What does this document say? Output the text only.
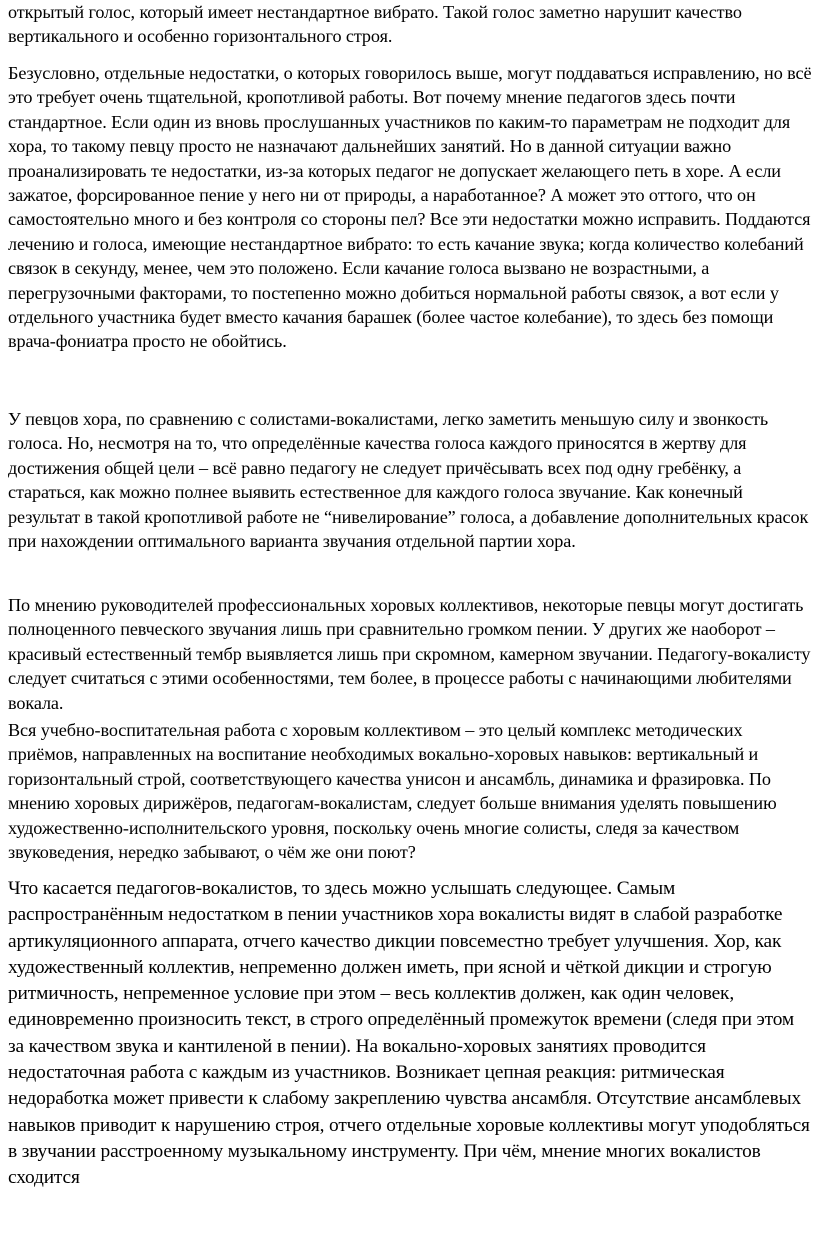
открытый голос, который имеет нестандартное вибрато. Такой голос заметно нарушит качество вертикального и особенно горизонтального строя.

Безусловно, отдельные недостатки, о которых говорилось выше, могут поддаваться исправлению, но всё это требует очень тщательной, кропотливой работы. Вот почему мнение педагогов здесь почти стандартное. Если один из вновь прослушанных участников по каким-то параметрам не подходит для хора, то такому певцу просто не назначают дальнейших занятий. Но в данной ситуации важно проанализировать те недостатки, из-за которых педагог не допускает желающего петь в хоре. А если зажатое, форсированное пение у него ни от природы, а наработанное? А может это оттого, что он самостоятельно много и без контроля со стороны пел? Все эти недостатки можно исправить. Поддаются лечению и голоса, имеющие нестандартное вибрато: то есть качание звука; когда количество колебаний связок в секунду, менее, чем это положено. Если качание голоса вызвано не возрастными, а перегрузочными факторами, то постепенно можно добиться нормальной работы связок, а вот если у отдельного участника будет вместо качания барашек (более частое колебание), то здесь без помощи врача-фониатра просто не обойтись.

У певцов хора, по сравнению с солистами-вокалистами, легко заметить меньшую силу и звонкость голоса. Но, несмотря на то, что определённые качества голоса каждого приносятся в жертву для достижения общей цели – всё равно педагогу не следует причёсывать всех под одну гребёнку, а стараться, как можно полнее выявить естественное для каждого голоса звучание. Как конечный результат в такой кропотливой работе не “нивелирование” голоса, а добавление дополнительных красок при нахождении оптимального варианта звучания отдельной партии хора.

По мнению руководителей профессиональных хоровых коллективов, некоторые певцы могут достигать полноценного певческого звучания лишь при сравнительно громком пении. У других же наоборот – красивый естественный тембр выявляется лишь при скромном, камерном звучании. Педагогу-вокалисту следует считаться с этими особенностями, тем более, в процессе работы с начинающими любителями вокала.

Вся учебно-воспитательная работа с хоровым коллективом – это целый комплекс методических приёмов, направленных на воспитание необходимых вокально-хоровых навыков: вертикальный и горизонтальный строй, соответствующего качества унисон и ансамбль, динамика и фразировка. По мнению хоровых дирижёров, педагогам-вокалистам, следует больше внимания уделять повышению художественно-исполнительского уровня, поскольку очень многие солисты, следя за качеством звуковедения, нередко забывают, о чём же они поют?

Что касается педагогов-вокалистов, то здесь можно услышать следующее. Самым распространённым недостатком в пении участников хора вокалисты видят в слабой разработке артикуляционного аппарата, отчего качество дикции повсеместно требует улучшения. Хор, как художественный коллектив, непременно должен иметь, при ясной и чёткой дикции и строгую ритмичность, непременное условие при этом – весь коллектив должен, как один человек, единовременно произносить текст, в строго определённый промежуток времени (следя при этом за качеством звука и кантиленой в пении). На вокально-хоровых занятиях проводится недостаточная работа с каждым из участников. Возникает цепная реакция: ритмическая недоработка может привести к слабому закреплению чувства ансамбля. Отсутствие ансамблевых навыков приводит к нарушению строя, отчего отдельные хоровые коллективы могут уподобляться в звучании расстроенному музыкальному инструменту. При чём, мнение многих вокалистов сходится
